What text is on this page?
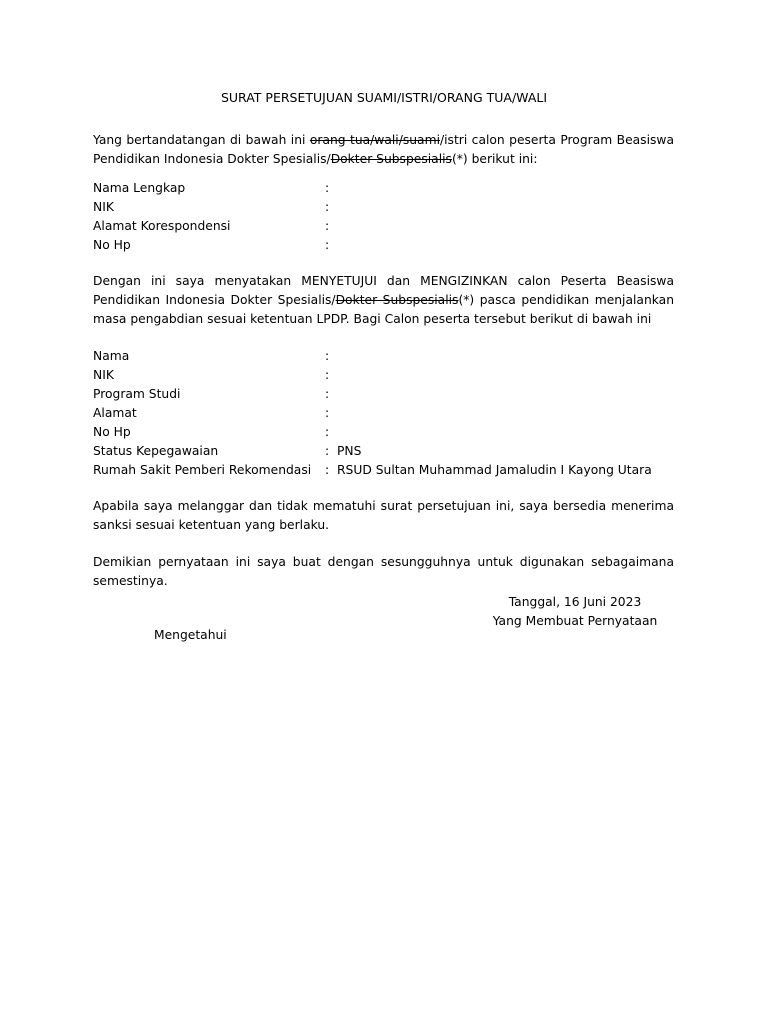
SURAT PERSETUJUAN SUAMI/ISTRI/ORANG TUA/WALI
Yang bertandatangan di bawah ini orang tua/wali/suami/istri calon peserta Program Beasiswa Pendidikan Indonesia Dokter Spesialis/Dokter Subspesialis(*) berikut ini:
Nama Lengkap	:
NIK	:
Alamat Korespondensi	:
No Hp	:
Dengan ini saya menyatakan MENYETUJUI dan MENGIZINKAN calon Peserta Beasiswa Pendidikan Indonesia Dokter Spesialis/Dokter Subspesialis(*) pasca pendidikan menjalankan masa pengabdian sesuai ketentuan LPDP. Bagi Calon peserta tersebut berikut di bawah ini
Nama	:
NIK	:
Program Studi	:
Alamat	:
No Hp	:
Status Kepegawaian	: PNS
Rumah Sakit Pemberi Rekomendasi	: RSUD Sultan Muhammad Jamaludin I Kayong Utara
Apabila saya melanggar dan tidak mematuhi surat persetujuan ini, saya bersedia menerima sanksi sesuai ketentuan yang berlaku.
Demikian pernyataan ini saya buat dengan sesungguhnya untuk digunakan sebagaimana semestinya.
Tanggal, 16 Juni 2023
Yang Membuat Pernyataan
Mengetahui
